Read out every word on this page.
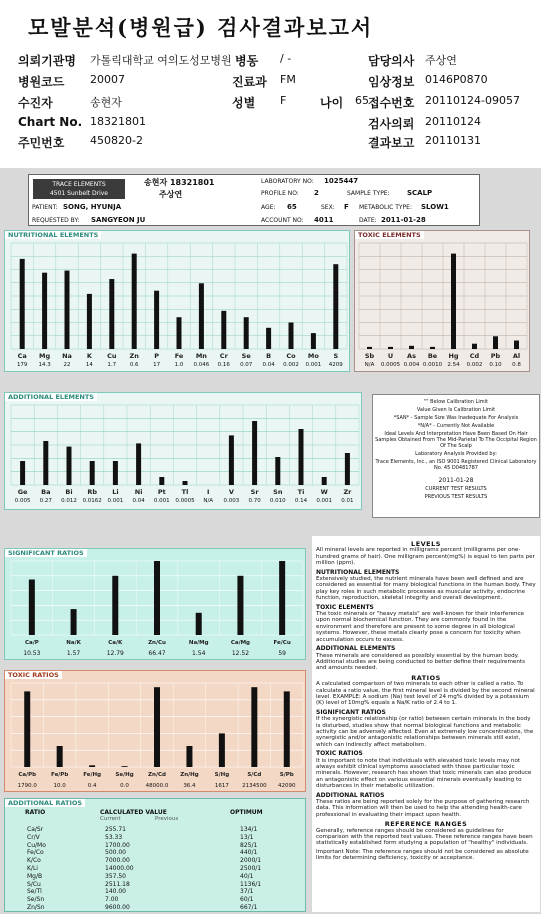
모발분석(병원급) 검사결과보고서
의뢰기관명 가톨릭대학교 여의도성모병원 병동 / -	담당의사 주상연
병원코드 20007	진료과 FM	임상정보 0146P0870
수진자	송현자	성별 F	나이 65 접수번호 20110124-09057
Chart No. 18321801	검사의뢰 20110124
주민번호 450820-2	결과보고 20110131
TRACE ELEMENTS
4501 Sunbelt Drive
송현자 18321801
주상연
LABORATORY NO: 1025447
PROFILE NO: 2	SAMPLE TYPE: SCALP
PATIENT: SONG, HYUNJA	AGE: 65	SEX: F METABOLIC TYPE: SLOW1
REQUESTED BY: SANGYEON JU	ACCOUNT NO: 4011	DATE: 2011-01-28
NUTRITIONAL ELEMENTS
Ca
179
Mg
14.3
Na
22
K
14
Cu
1.7
Zn
0.6
P
17
Fe
1.0
Mn
0.046
Cr
0.16
Se
0.07
B
0.04
Co
0.002
Mo
0.001
S
4209
TOXIC ELEMENTS
Sb
N/A
U
0.0005
As
0.004
Be
0.0010
Hg
2.54
Cd
0.002
Pb
0.10
Al
0.8
ADDITIONAL ELEMENTS
Ge
0.005
Ba
0.27
Bi
0.012
Rb
0.0162
Li
0.001
Ni
0.04
Pt
0.001
Tl
0.0005
I
N/A
V
0.003
Sr
0.70
Sn
0.010
Ti
0.14
W
0.001
Zr
0.01
"" Below Calibration Limit
Value Given Is Calibration Limit
*SAN* - Sample Size Was Inadequate For Analysis
*N/A* - Currently Not Available
Ideal Levels And Interpretation Have Been Based On Hair Samples Obtained From The Mid-Parietal To The Occipital Region Of The Scalp
Laboratory Analysis Provided by:
Trace Elements, Inc., an ISO 9001 Registered Clinical Laboratory No. 45 D0481787
2011-01-28
CURRENT TEST RESULTS
PREVIOUS TEST RESULTS
SIGNIFICANT RATIOS
Ca/P
10.53
Na/K
1.57
Ca/K
12.79
Zn/Cu
66.47
Na/Mg
1.54
Ca/Mg
12.52
Fe/Cu
59
TOXIC RATIOS
Ca/Pb
1790.0
Fe/Pb
10.0
Fe/Hg
0.4
Se/Hg
0.0
Zn/Cd
48000.0
Zn/Hg
36.4
S/Hg
1617
S/Cd
2134500
S/Pb
42090
ADDITIONAL RATIOS
RATIO	CALCULATED VALUE	OPTIMUM
Current	Previous
Ca/Sr	255.71	134/1
Cr/V	53.33	13/1
Cu/Mo	1700.00	825/1
Fe/Co	500.00	440/1
K/Co	7000.00	2000/1
K/Li	14000.00	2500/1
Mg/B	357.50	40/1
S/Cu	2511.18	1136/1
Se/Tl	140.00	37/1
Se/Sn	7.00	60/1
Zn/Sn	9600.00	667/1
LEVELS

All mineral levels are reported in milligrams percent (milligrams per one-hundred grams of hair). One milligram percent(mg%) is equal to ten parts per million (ppm).

NUTRITIONAL ELEMENTS

Extensively studied, the nutrient minerals have been well defined and are considered as essential for many biological functions in the human body. They play key roles in such metabolic processes as muscular activity, endocrine function, reproduction, skeletal integrity and overall development.

TOXIC ELEMENTS

The toxic minerals or "heavy metals" are well-known for their interference upon normal biochemical function. They are commonly found in the environment and therefore are present to some degree in all biological systems. However, these metals clearly pose a concern for toxicity when accumulation occurs to excess.

ADDITIONAL ELEMENTS

These minerals are considered as possibly essential by the human body. Additional studies are being conducted to better define their requirements and amounts needed.

RATIOS

A calculated comparison of two minerals to each other is called a ratio. To calculate a ratio value, the first mineral level is divided by the second mineral level. EXAMPLE: A sodium (Na) test level of 24 mg% divided by a potassium (K) level of 10mg% equals a Na/K ratio of 2.4 to 1.

SIGNIFICANT RATIOS

If the synergistic relationship (or ratio) between certain minerals in the body is disturbed, studies show that normal biological functions and metabolic activity can be adversely affected. Even at extremely low concentrations, the synergistic and/or antagonistic relationships between minerals still exist, which can indirectly affect metabolism.

TOXIC RATIOS

It is important to note that individuals with elevated toxic levels may not always exhibit clinical symptoms associated with those particular toxic minerals. However, research has shown that toxic minerals can also produce an antagonistic effect on various essential minerals eventually leading to disturbances in their metabolic utilization.

ADDITIONAL RATIOS

These ratios are being reported solely for the purpose of gathering research data. This information will then be used to help the attending health-care professional in evaluating their impact upon health.

REFERENCE RANGES

Generally, reference ranges should be considered as guidelines for comparison with the reported test values. These reference ranges have been statistically established form studying a population of "healthy" individuals.

Important Note: The reference ranges should not be considered as absolute limits for determining deficiency, toxicity or acceptance.
